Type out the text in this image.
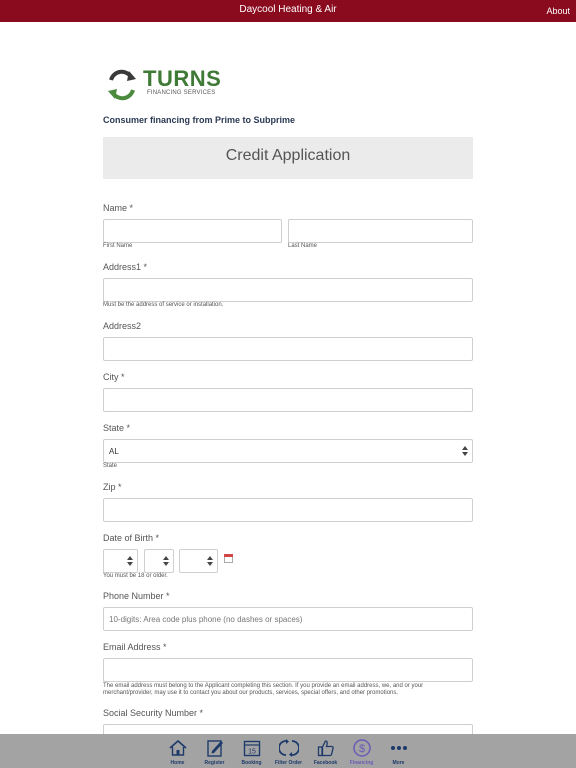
Daycool Heating & Air	About
TURNS
FINANCING SERVICES
Consumer financing from Prime to Subprime
Credit Application
Name *
First Name	Last Name
Address1 *
Must be the address of service or installation.
Address2
City *
State *
AL
State
Zip *
Date of Birth *
You must be 18 or older.
Phone Number *
10-digits: Area code plus phone (no dashes or spaces)
Email Address *
The email address must belong to the Applicant completing this section. If you provide an email address, we, and or your merchant/provider, may use it to contact you about our products, services, special offers, and other promotions.
Social Security Number *
Home	Register
15
Booking	Filter Order	Facebook
$
Financing	More
